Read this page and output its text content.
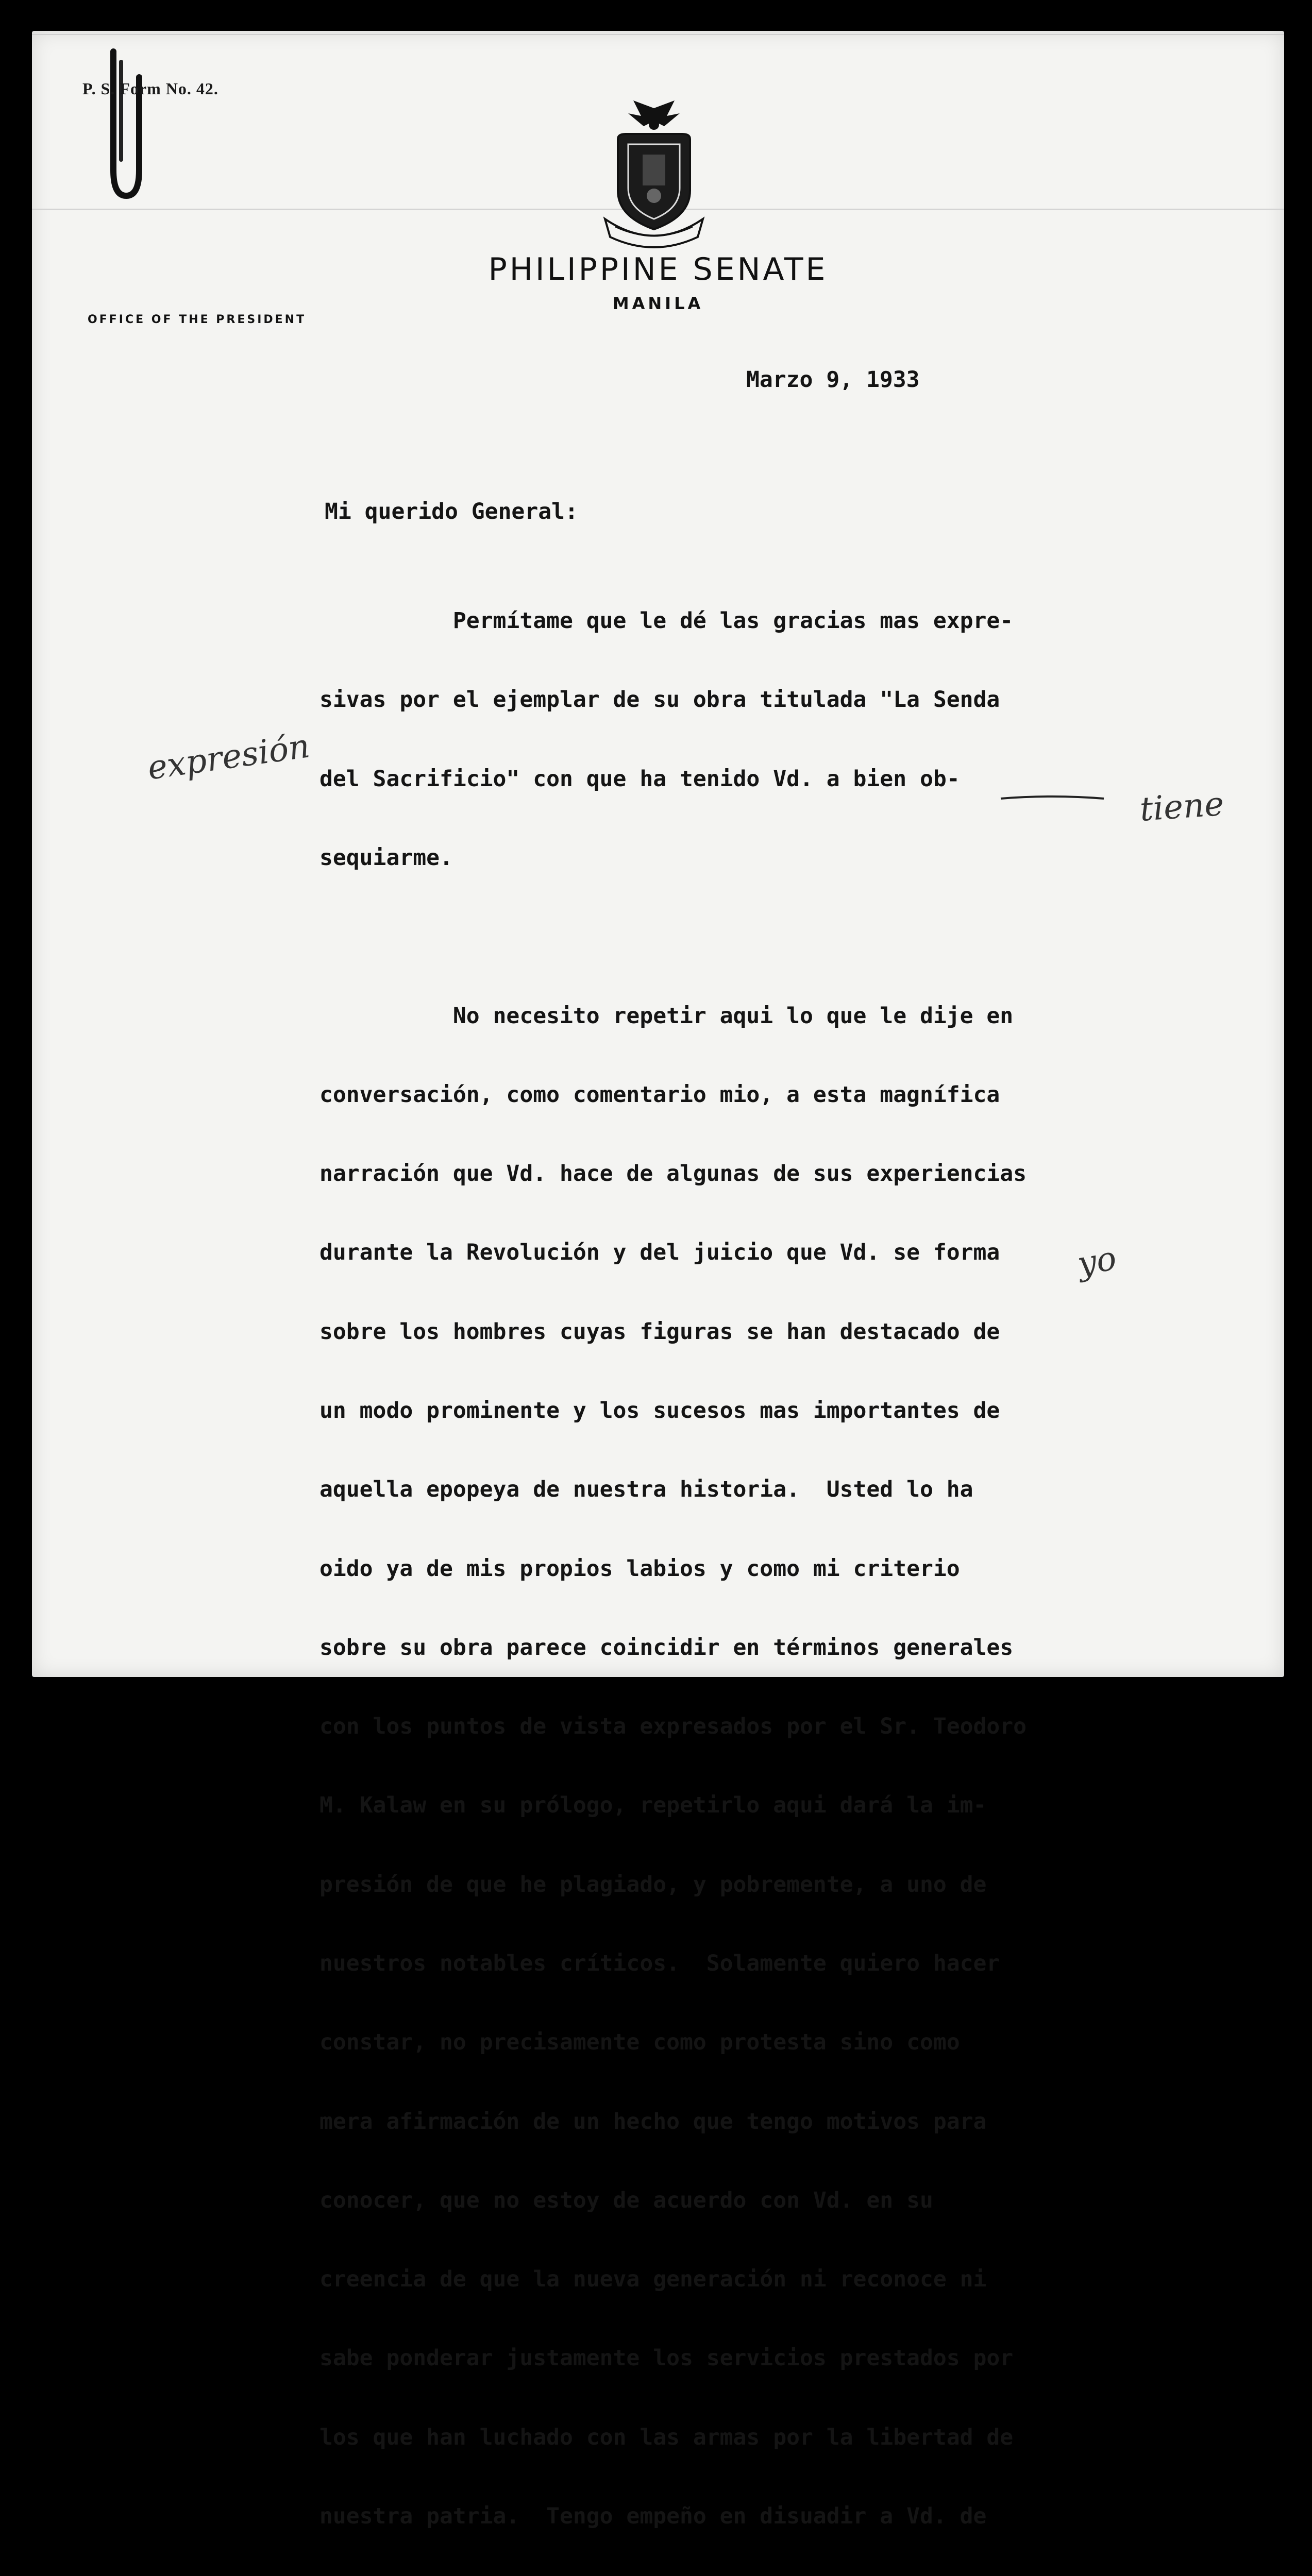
P. S. Form No. 42.
PHILIPPINE SENATE
MANILA
OFFICE OF THE PRESIDENT
Marzo 9, 1933
Mi querido General:

Permítame que le dé las gracias mas expre-

sivas por el ejemplar de su obra titulada "La Senda

del Sacrificio" con que ha tenido Vd. a bien ob-

sequiarme.

No necesito repetir aqui lo que le dije en

conversación, como comentario mio, a esta magnífica

narración que Vd. hace de algunas de sus experiencias

durante la Revolución y del juicio que Vd. se forma

sobre los hombres cuyas figuras se han destacado de

un modo prominente y los sucesos mas importantes de

aquella epopeya de nuestra historia.  Usted lo ha

oido ya de mis propios labios y como mi criterio

sobre su obra parece coincidir en términos generales

con los puntos de vista expresados por el Sr. Teodoro

M. Kalaw en su prólogo, repetirlo aqui dará la im-

presión de que he plagiado, y pobremente, a uno de

nuestros notables críticos.  Solamente quiero hacer

constar, no precisamente como protesta sino como

mera afirmación de un hecho que tengo motivos para

conocer, que no estoy de acuerdo con Vd. en su

creencia de que la nueva generación ni reconoce ni

sabe ponderar justamente los servicios prestados por

los que han luchado con las armas por la libertad de

nuestra patria.  Tengo empeño en disuadir a Vd. de

expresión
tiene
yo
